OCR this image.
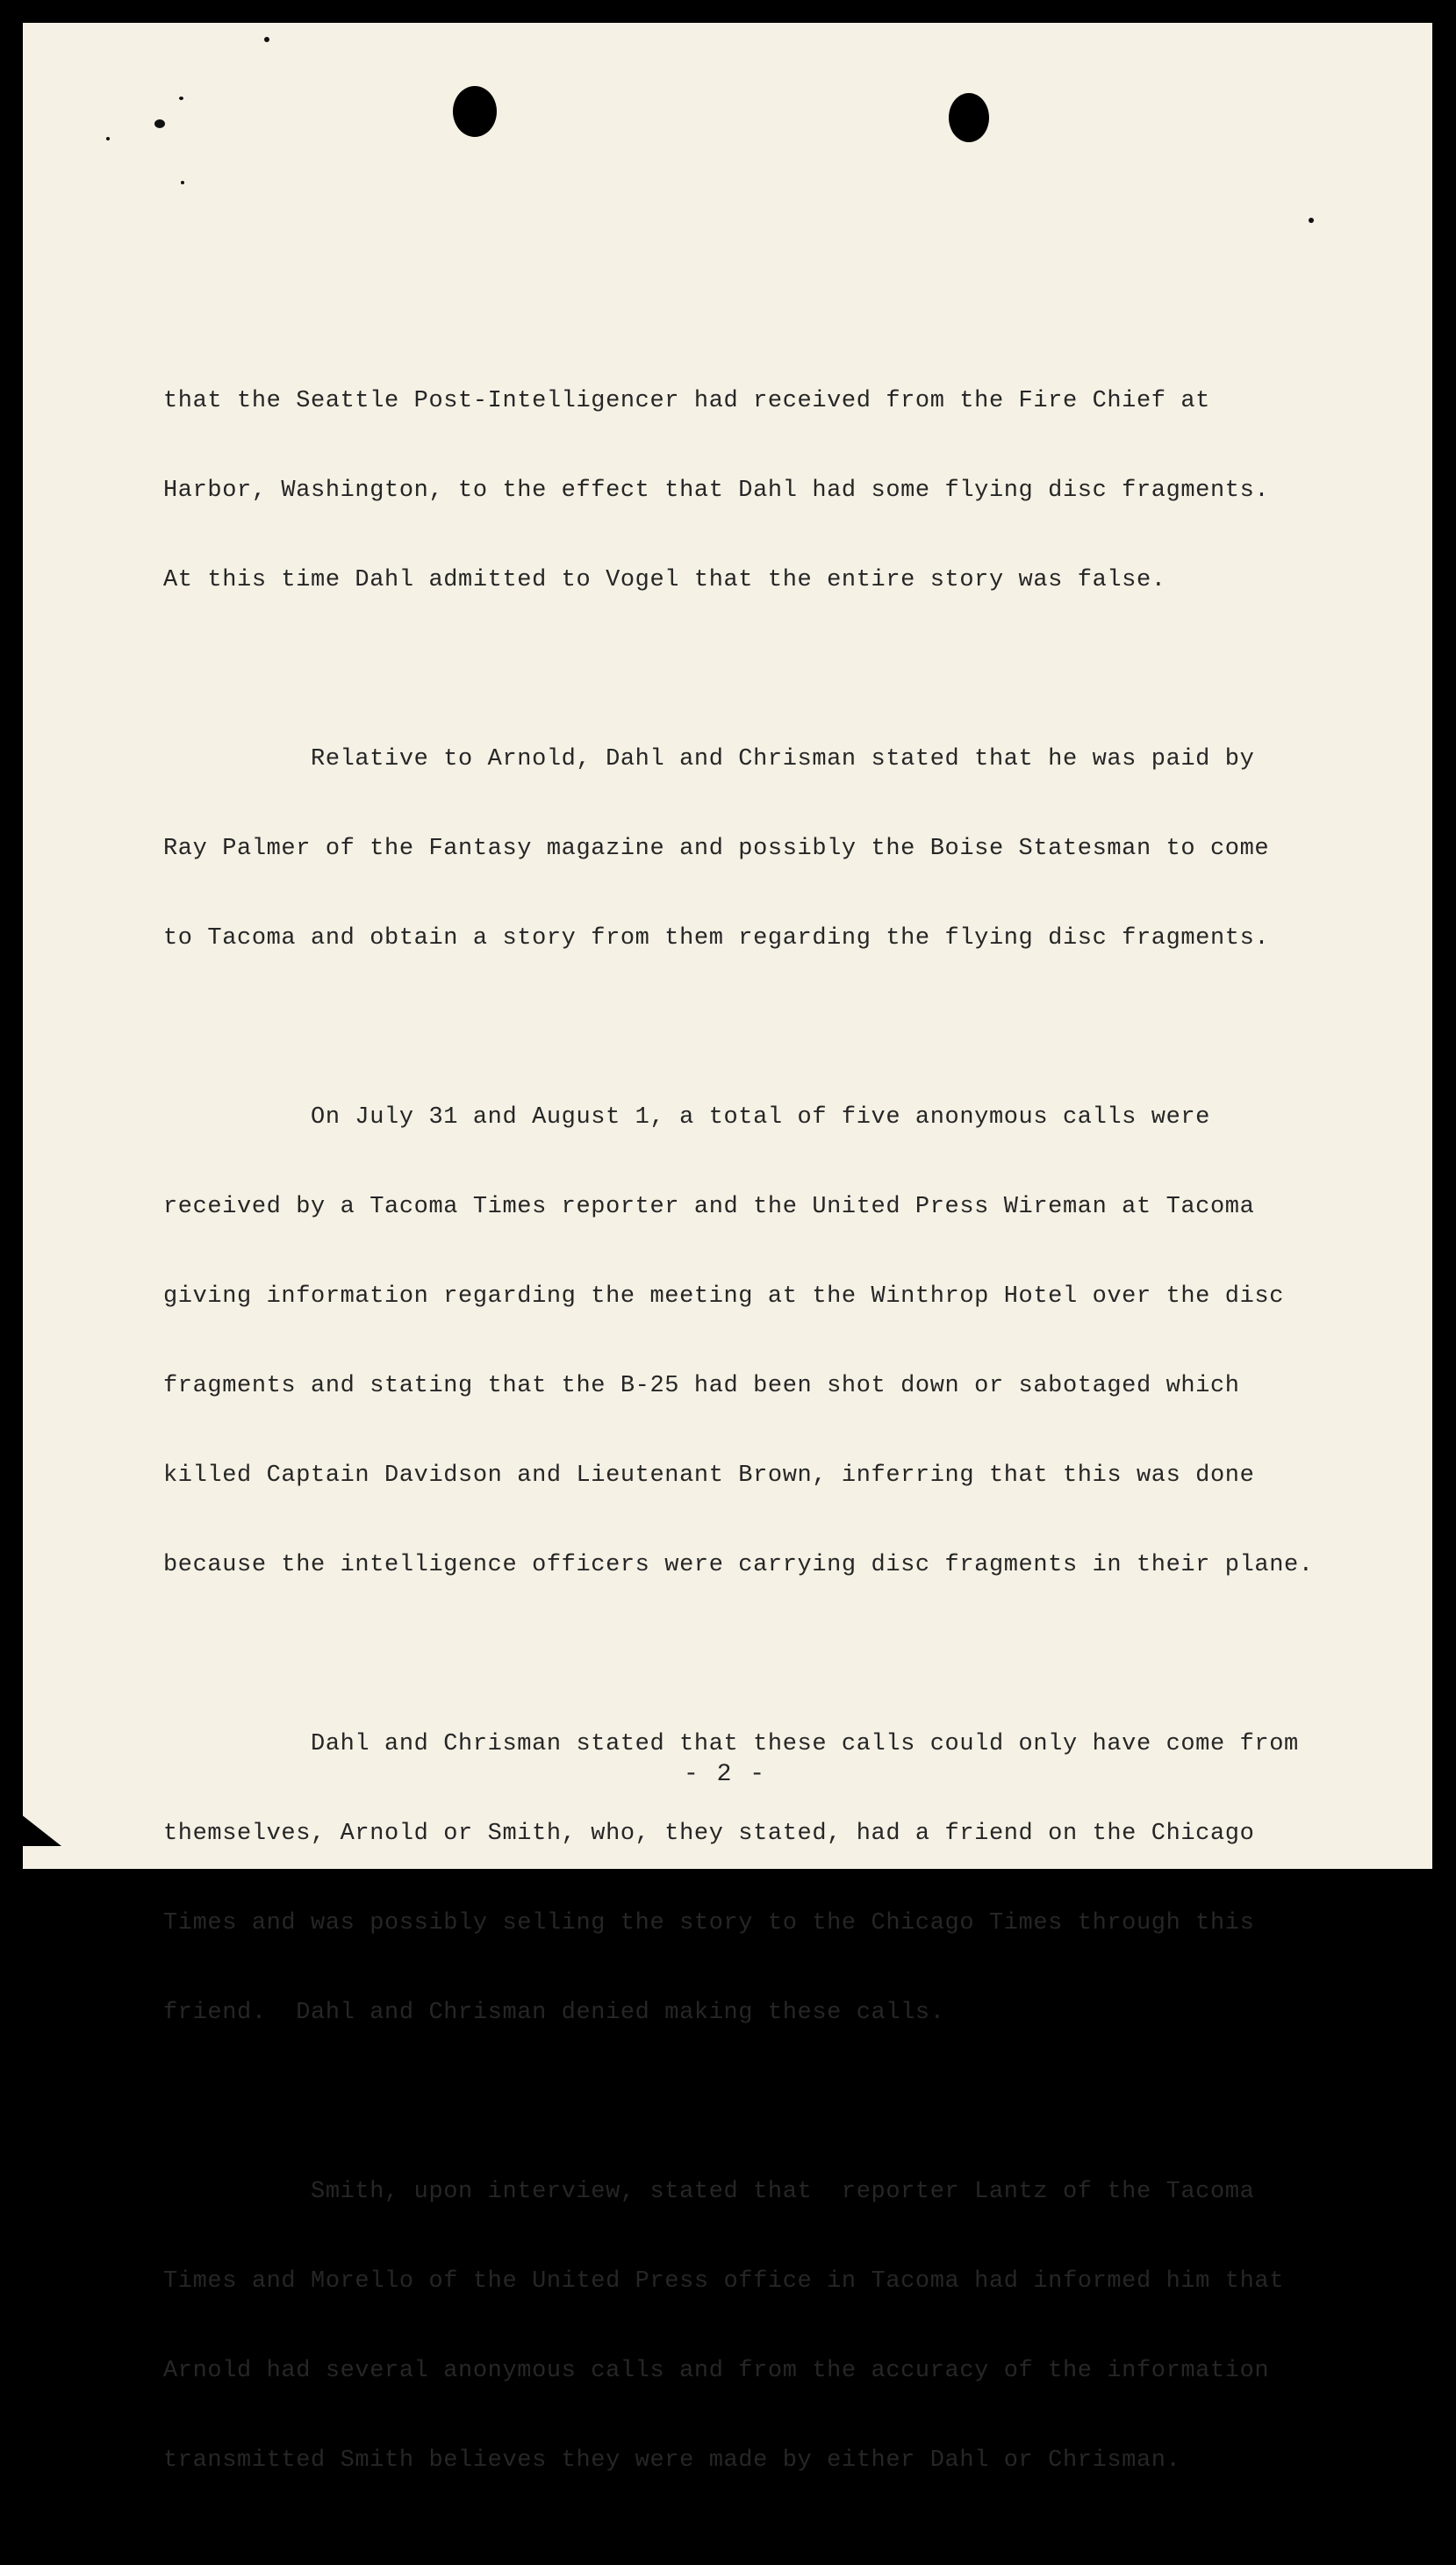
that the Seattle Post-Intelligencer had received from the Fire Chief at

Harbor, Washington, to the effect that Dahl had some flying disc fragments.

At this time Dahl admitted to Vogel that the entire story was false.

Relative to Arnold, Dahl and Chrisman stated that he was paid by

Ray Palmer of the Fantasy magazine and possibly the Boise Statesman to come

to Tacoma and obtain a story from them regarding the flying disc fragments.

On July 31 and August 1, a total of five anonymous calls were

received by a Tacoma Times reporter and the United Press Wireman at Tacoma

giving information regarding the meeting at the Winthrop Hotel over the disc

fragments and stating that the B-25 had been shot down or sabotaged which

killed Captain Davidson and Lieutenant Brown, inferring that this was done

because the intelligence officers were carrying disc fragments in their plane.

Dahl and Chrisman stated that these calls could only have come from

themselves, Arnold or Smith, who, they stated, had a friend on the Chicago

Times and was possibly selling the story to the Chicago Times through this

friend.  Dahl and Chrisman denied making these calls.

Smith, upon interview, stated that  reporter Lantz of the Tacoma

Times and Morello of the United Press office in Tacoma had informed him that

Arnold had several anonymous calls and from the accuracy of the information

transmitted Smith believes they were made by either Dahl or Chrisman.

- 2 -
